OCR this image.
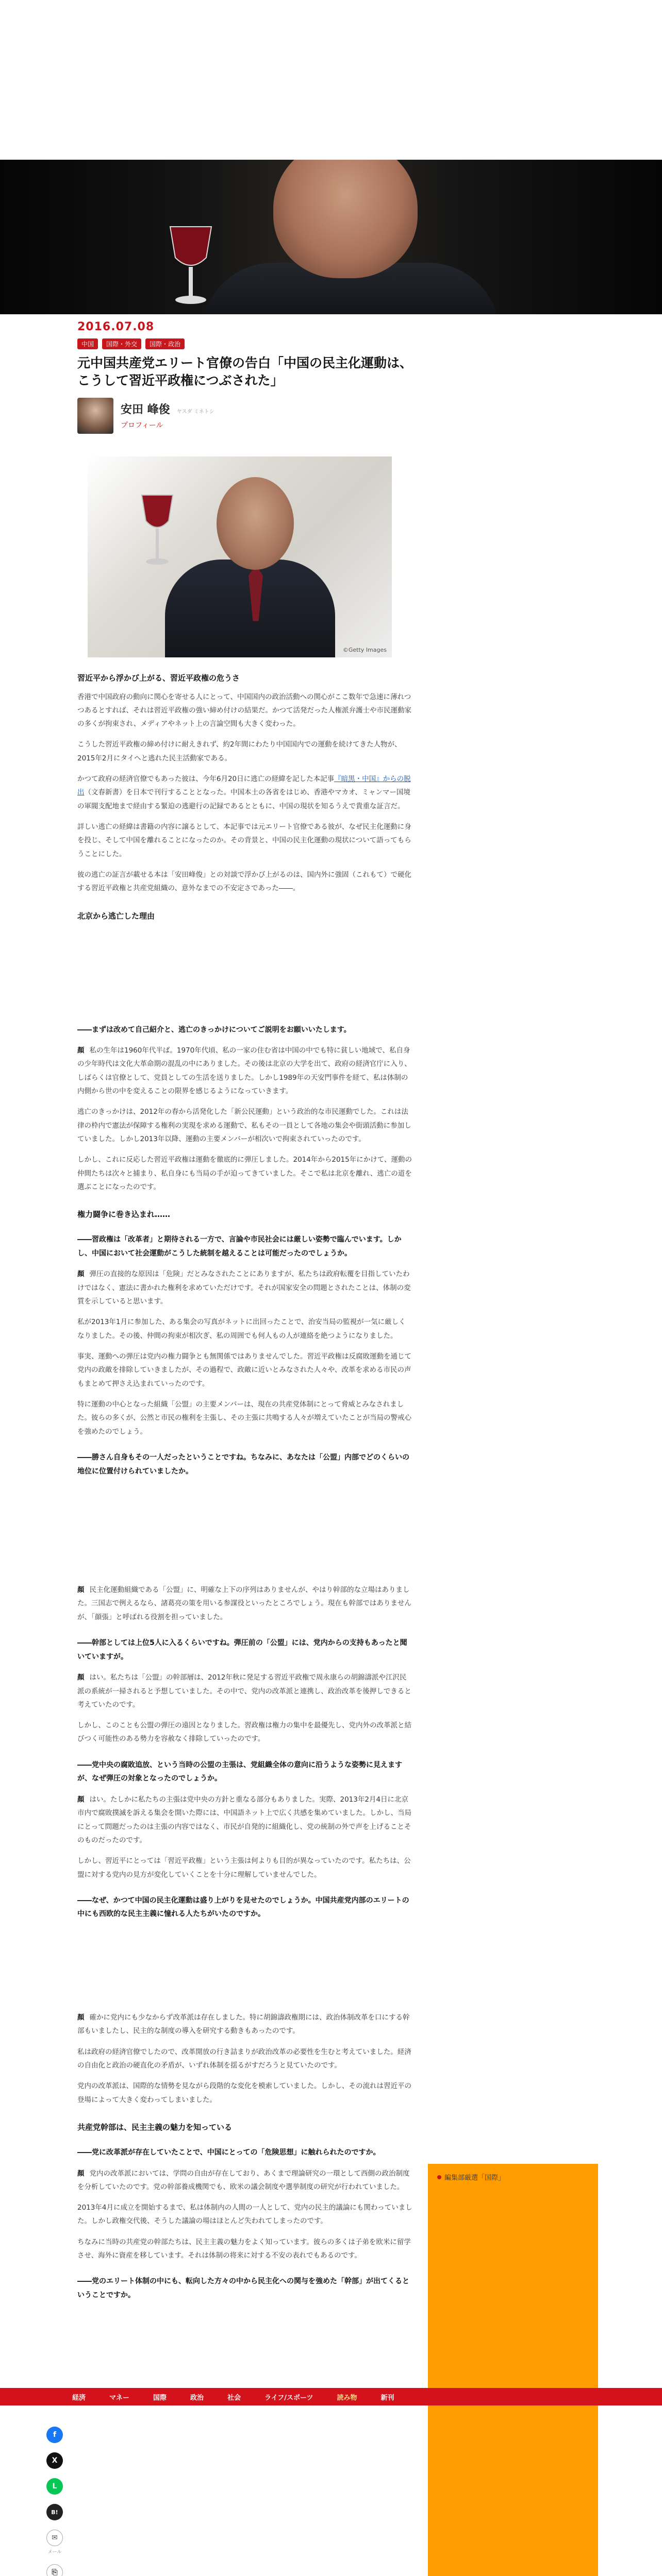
2016.07.08
中国	国際・外交	国際・政治
元中国共産党エリート官僚の告白「中国の民主化運動は、こうして習近平政権につぶされた」
安田 峰俊 ヤスダ ミネトシ
プロフィール
©Getty Images
習近平から浮かび上がる、習近平政権の危うさ

香港で中国政府の動向に関心を寄せる人にとって、中国国内の政治活動への関心がここ数年で急速に薄れつつあるとすれば、それは習近平政権の強い締め付けの結果だ。かつて活発だった人権派弁護士や市民運動家の多くが拘束され、メディアやネット上の言論空間も大きく変わった。

こうした習近平政権の締め付けに耐えきれず、約2年間にわたり中国国内での運動を続けてきた人物が、2015年2月にタイへと逃れた民主活動家である。

かつて政府の経済官僚でもあった彼は、今年6月20日に逃亡の経緯を記した本記事『暗黒・中国』からの脱出（文春新書）を日本で刊行することとなった。中国本土の各省をはじめ、香港やマカオ、ミャンマー国境の軍閥支配地まで経由する緊迫の逃避行の記録であるとともに、中国の現状を知るうえで貴重な証言だ。

詳しい逃亡の経緯は書籍の内容に譲るとして、本記事では元エリート官僚である彼が、なぜ民主化運動に身を投じ、そして中国を離れることになったのか。その背景と、中国の民主化運動の現状について語ってもらうことにした。

彼の逃亡の証言が載せる本は「安田峰俊」との対談で浮かび上がるのは、国内外に強固（これもて）で硬化する習近平政権と共産党組織の、意外なまでの不安定さであった――。

北京から逃亡した理由
――まずは改めて自己紹介と、逃亡のきっかけについてご説明をお願いいたします。

顏 私の生年は1960年代半ば。1970年代頃、私の一家の住む省は中国の中でも特に貧しい地域で、私自身の少年時代は文化大革命期の混乱の中にありました。その後は北京の大学を出て、政府の経済官庁に入り、しばらくは官僚として、党員としての生活を送りました。しかし1989年の天安門事件を経て、私は体制の内側から世の中を変えることの限界を感じるようになっていきます。

逃亡のきっかけは、2012年の春から活発化した「新公民運動」という政治的な市民運動でした。これは法律の枠内で憲法が保障する権利の実現を求める運動で、私もその一員として各地の集会や街頭活動に参加していました。しかし2013年以降、運動の主要メンバーが相次いで拘束されていったのです。

しかし、これに反応した習近平政権は運動を徹底的に弾圧しました。2014年から2015年にかけて、運動の仲間たちは次々と捕まり、私自身にも当局の手が迫ってきていました。そこで私は北京を離れ、逃亡の道を選ぶことになったのです。

権力闘争に巻き込まれ……
――習政権は「改革者」と期待される一方で、言論や市民社会には厳しい姿勢で臨んでいます。しかし、中国において社会運動がこうした統制を越えることは可能だったのでしょうか。

顏 弾圧の直接的な原因は「危険」だとみなされたことにありますが、私たちは政府転覆を目指していたわけではなく、憲法に書かれた権利を求めていただけです。それが国家安全の問題とされたことは、体制の変質を示していると思います。

私が2013年1月に参加した、ある集会の写真がネットに出回ったことで、治安当局の監視が一気に厳しくなりました。その後、仲間の拘束が相次ぎ、私の周囲でも何人もの人が連絡を絶つようになりました。

事実、運動への弾圧は党内の権力闘争とも無関係ではありませんでした。習近平政権は反腐敗運動を通じて党内の政敵を排除していきましたが、その過程で、政敵に近いとみなされた人々や、改革を求める市民の声もまとめて押さえ込まれていったのです。

特に運動の中心となった組織「公盟」の主要メンバーは、現在の共産党体制にとって脅威とみなされました。彼らの多くが、公然と市民の権利を主張し、その主張に共鳴する人々が増えていたことが当局の警戒心を強めたのでしょう。

――勝さん自身もその一人だったということですね。ちなみに、あなたは「公盟」内部でどのくらいの地位に位置付けられていましたか。

顏 民主化運動組織である「公盟」に、明確な上下の序列はありませんが、やはり幹部的な立場はありました。三国志で例えるなら、諸葛亮の策を用いる参謀役といったところでしょう。現在も幹部ではありませんが、「顔張」と呼ばれる役割を担っていました。

――幹部としては上位5人に入るくらいですね。弾圧前の「公盟」には、党内からの支持もあったと聞いていますが。

顏 はい。私たちは「公盟」の幹部層は、2012年秋に発足する習近平政権で周永康らの胡錦濤派や江沢民派の系統が一掃されると予想していました。その中で、党内の改革派と連携し、政治改革を後押しできると考えていたのです。

しかし、このことも公盟の弾圧の遠因となりました。習政権は権力の集中を最優先し、党内外の改革派と結びつく可能性のある勢力を容赦なく排除していったのです。

――党中央の腐敗追放、という当時の公盟の主張は、党組織全体の意向に沿うような姿勢に見えますが、なぜ弾圧の対象となったのでしょうか。

顏 はい。たしかに私たちの主張は党中央の方針と重なる部分もありました。実際、2013年2月4日に北京市内で腐敗撲滅を訴える集会を開いた際には、中国語ネット上で広く共感を集めていました。しかし、当局にとって問題だったのは主張の内容ではなく、市民が自発的に組織化し、党の統制の外で声を上げることそのものだったのです。

しかし、習近平にとっては「習近平政権」という主張は何よりも目的が異なっていたのです。私たちは、公盟に対する党内の見方が変化していくことを十分に理解していませんでした。

――なぜ、かつて中国の民主化運動は盛り上がりを見せたのでしょうか。中国共産党内部のエリートの中にも西欧的な民主主義に憧れる人たちがいたのですか。

顏 確かに党内にも少なからず改革派は存在しました。特に胡錦濤政権期には、政治体制改革を口にする幹部もいましたし、民主的な制度の導入を研究する動きもあったのです。

私は政府の経済官僚でしたので、改革開放の行き詰まりが政治改革の必要性を生むと考えていました。経済の自由化と政治の硬直化の矛盾が、いずれ体制を揺るがすだろうと見ていたのです。

党内の改革派は、国際的な情勢を見ながら段階的な変化を模索していました。しかし、その流れは習近平の登場によって大きく変わってしまいました。

共産党幹部は、民主主義の魅力を知っている
――党に改革派が存在していたことで、中国にとっての「危険思想」に触れられたのですか。

顏 党内の改革派においては、学問の自由が存在しており、あくまで理論研究の一環として西側の政治制度を分析していたのです。党の幹部養成機関でも、欧米の議会制度や選挙制度の研究が行われていました。

2013年4月に成立を開始するまで、私は体制内の人間の一人として、党内の民主的議論にも関わっていました。しかし政権交代後、そうした議論の場はほとんど失われてしまったのです。

ちなみに当時の共産党の幹部たちは、民主主義の魅力をよく知っています。彼らの多くは子弟を欧米に留学させ、海外に資産を移しています。それは体制の将来に対する不安の表れでもあるのです。

――党のエリート体制の中にも、転向した方々の中から民主化への関与を強めた「幹部」が出てくるということですか。
編集部厳選「国際」
経済	マネー	国際	政治	社会	ライフ/スポーツ	読み物	新刊
f
X
L
B!
✉
メール
⎘
